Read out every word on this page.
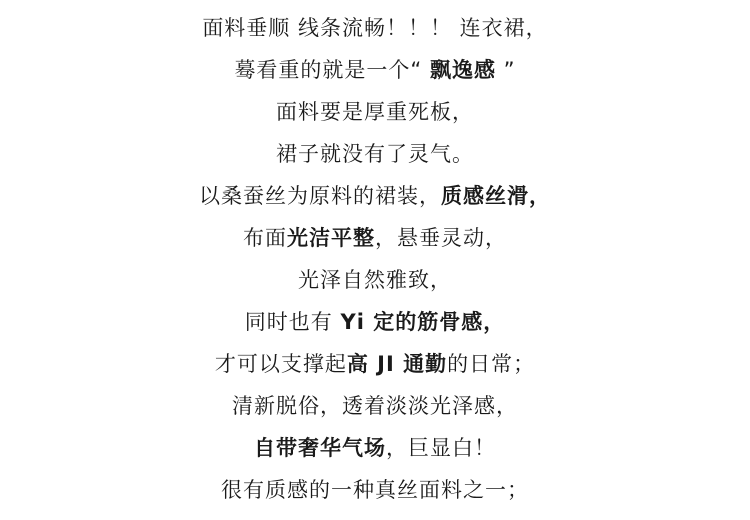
面料垂顺 线条流畅！！！ 连衣裙，
蓦看重的就是一个“ 飘逸感 ”
面料要是厚重死板，
裙子就没有了灵气。
以桑蚕丝为原料的裙装，质感丝滑，
布面光洁平整，悬垂灵动，
光泽自然雅致，
同时也有 Yi 定的筋骨感，
才可以支撑起高 JI 通勤的日常；
清新脱俗，透着淡淡光泽感，
自带奢华气场，巨显白！
很有质感的一种真丝面料之一；
